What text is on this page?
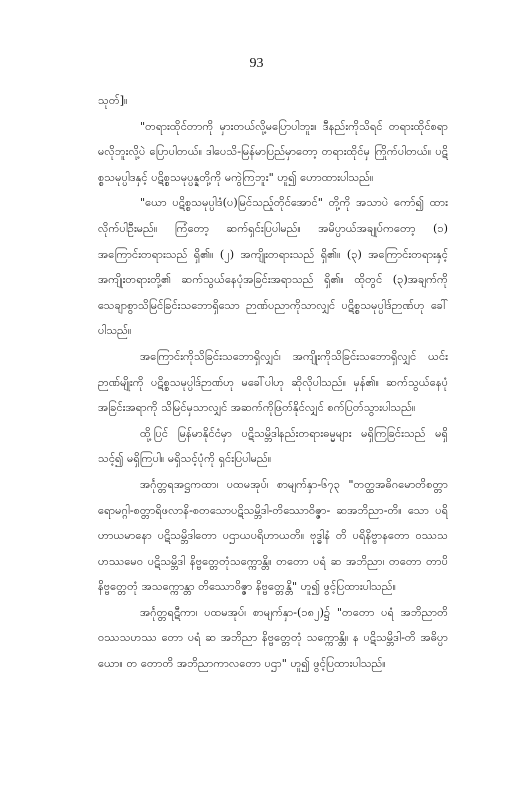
93

သုတ်]။

"တရားထိုင်တာကို မှားတယ်လို့မပြောပါဘူး။ ဒီနည်းကိုသိရင် တရားထိုင်စရာ မလိုဘူးလို့ပဲ ပြောပါတယ်။ ဒါပေသိ-မြန်မာပြည်မှာတော့ တရားထိုင်မှ ကြိုက်ပါတယ်။ ပဋိစ္စသမုပ္ပါဒနှင့် ပဋိစ္စသမုပ္ပန္နတို့ကို မကွဲကြဘူး" ဟူ၍ ဟောထားပါသည်။

"ယော ပဋိစ္စသမုပ္ပါဒံ(ပ)မြင်သည့်တိုင်အောင်" တို့ကို အသာပဲ ကော်၍ ထားလိုက်ပါဦးမည်။ ကြံတော့ ဆက်ရှင်းပြပါမည်။ အမိပ္ပာယ်အချုပ်ကတော့ (၁) အကြောင်းတရားသည် ရှိ၏။ (၂) အကျိုးတရားသည် ရှိ၏။ (၃) အကြောင်းတရားနှင့်အကျိုးတရားတို့၏ ဆက်သွယ်နေပုံအခြင်းအရာသည် ရှိ၏။ ထိုတွင် (၃)အချက်ကို သေချာစွာသိမြင်ခြင်းသဘောရှိသော ဉာဏ်ပညာကိုသာလျှင် ပဋိစ္စသမုပ္ပါဒ်ဉာဏ်ဟု ခေါ်ပါသည်။

အကြောင်းကိုသိခြင်းသဘောရှိလျှင်၊ အကျိုးကိုသိခြင်းသဘောရှိလျှင် ယင်းဉာဏ်မျိုးကို ပဋိစ္စသမုပ္ပါဒ်ဉာဏ်ဟု မခေါ်ပါဟု ဆိုလိုပါသည်။ မှန်၏။ ဆက်သွယ်နေပုံအခြင်းအရာကို သိမြင်မှသာလျှင် အဆက်ကိုဖြတ်နိုင်လျှင် စက်ပြတ်သွားပါသည်။

ထို့ပြင် မြန်မာနိုင်ငံမှာ ပဋိသမ္ဘိဒါနည်းတရားဓမ္မများ မရှိကြခြင်းသည် မရှိသင့်၍ မရှိကြပါ။ မရှိသင့်ပုံကို ရှင်းပြပါမည်။

အင်္ဂုတ္တရအဋ္ဌကထာ၊ ပထမအုပ်၊ စာမျက်နှာ-၆၇၃ "တတ္ထအဓိဂမောတိစတ္တာရောမဂ္ဂါ-စတ္တာရိဖလာနိ-စတသောပဋိသမ္ဘိဒါ-တိဿောဝိဇ္ဇာ- ဆအဘိညာ-တိ။ သော ပရိဟာယမာနော ပဋိသမ္ဘိဒါတော ပဌာယပရိဟာယတိ။ ဗုဒ္ဓါနံ တိ ပရိနိဗ္ဗာနတော ဝဿသဟဿမေဝ ပဋိသမ္ဘိဒါ နိဗ္ဗတ္တေတုံသက္ကောန္တိ။ တတော ပရံ ဆ အဘိညာ၊ တတော တာပိ နိဗ္ဗတ္တေတုံ အသက္ကောန္တာ တိဿောဝိဇ္ဇာ နိဗ္ဗတ္တေန္တိ" ဟူ၍ ဖွင့်ပြထားပါသည်။

အင်္ဂုတ္တရဋီကာ၊ ပထမအုပ်၊ စာမျက်နှာ-(၁၈၂)၌ "တတော ပရံ အဘိညာတိ ဝဿသဟဿ တော ပရံ ဆ အဘိညာ နိဗ္ဗတ္တေတုံ သက္ကောန္တိ။ န ပဋိသမ္ဘိဒါ-တိ အဓိပ္ပာယော။ တ တောတိ အဘိညာကာလတော ပဌာ" ဟူ၍ ဖွင့်ပြထားပါသည်။
